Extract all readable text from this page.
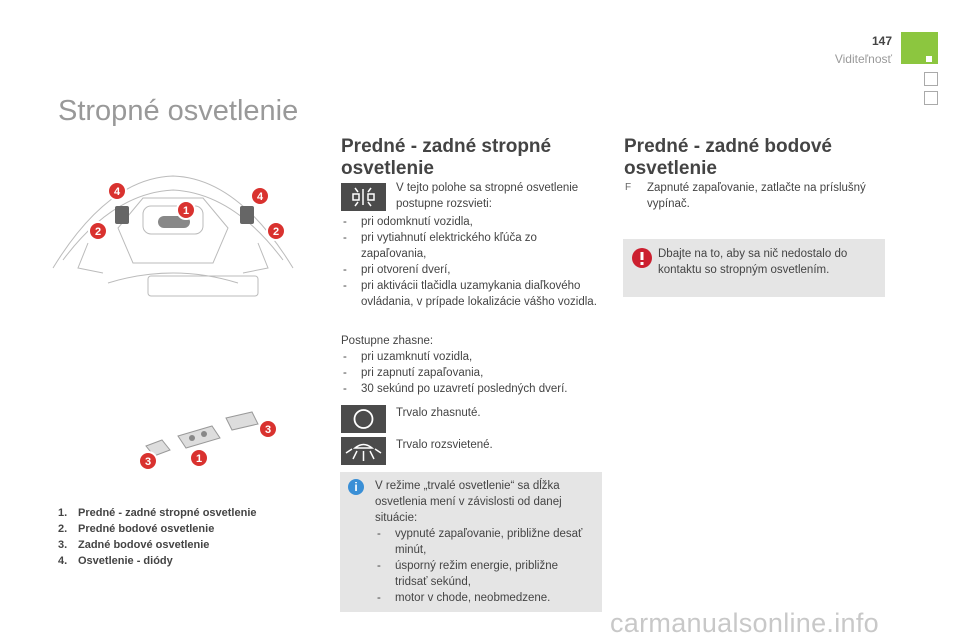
147
Viditeľnosť
Stropné osvetlenie
4	4
1
2	2
3
1
3
1. Predné - zadné stropné osvetlenie
2. Predné bodové osvetlenie
3. Zadné bodové osvetlenie
4. Osvetlenie - diódy
Predné - zadné stropné
osvetlenie
V tejto polohe sa stropné osvetlenie postupne rozsvieti:
- pri odomknutí vozidla,
- pri vytiahnutí elektrického kľúča zo zapaľovania,
- pri otvorení dverí,
- pri aktivácii tlačidla uzamykania diaľkového ovládania, v prípade lokalizácie vášho vozidla.
Postupne zhasne:
- pri uzamknutí vozidla,
- pri zapnutí zapaľovania,
- 30 sekúnd po uzavretí posledných dverí.
Trvalo zhasnuté.
Trvalo rozsvietené.
i	V režime „trvalé osvetlenie“ sa dĺžka osvetlenia mení v závislosti od danej situácie:
- vypnuté zapaľovanie, približne desať minút,
- úsporný režim energie, približne tridsať sekúnd,
- motor v chode, neobmedzene.
Predné - zadné bodové
osvetlenie
F	Zapnuté zapaľovanie, zatlačte na príslušný vypínač.
Dbajte na to, aby sa nič nedostalo do kontaktu so stropným osvetlením.
carmanualsonline.info
